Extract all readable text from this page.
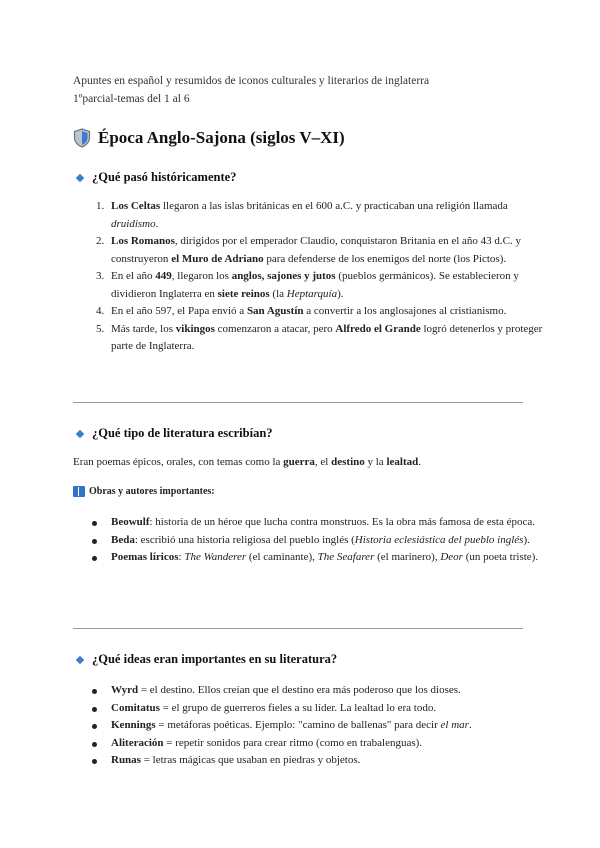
Apuntes en español y resumidos de iconos culturales y literarios de inglaterra
1ºparcial-temas del 1 al 6
Época Anglo-Sajona (siglos V–XI)
¿Qué pasó históricamente?
1. Los Celtas llegaron a las islas británicas en el 600 a.C. y practicaban una religión llamada druidismo.
2. Los Romanos, dirigidos por el emperador Claudio, conquistaron Britania en el año 43 d.C. y construyeron el Muro de Adriano para defenderse de los enemigos del norte (los Pictos).
3. En el año 449, llegaron los anglos, sajones y jutos (pueblos germánicos). Se establecieron y dividieron Inglaterra en siete reinos (la Heptarquía).
4. En el año 597, el Papa envió a San Agustín a convertir a los anglosajones al cristianismo.
5. Más tarde, los vikingos comenzaron a atacar, pero Alfredo el Grande logró detenerlos y proteger parte de Inglaterra.
¿Qué tipo de literatura escribían?
Eran poemas épicos, orales, con temas como la guerra, el destino y la lealtad.
Obras y autores importantes:
Beowulf: historia de un héroe que lucha contra monstruos. Es la obra más famosa de esta época.
Beda: escribió una historia religiosa del pueblo inglés (Historia eclesiástica del pueblo inglés).
Poemas líricos: The Wanderer (el caminante), The Seafarer (el marinero), Deor (un poeta triste).
¿Qué ideas eran importantes en su literatura?
Wyrd = el destino. Ellos creían que el destino era más poderoso que los dioses.
Comitatus = el grupo de guerreros fieles a su líder. La lealtad lo era todo.
Kennings = metáforas poéticas. Ejemplo: "camino de ballenas" para decir el mar.
Aliteración = repetir sonidos para crear ritmo (como en trabalenguas).
Runas = letras mágicas que usaban en piedras y objetos.
